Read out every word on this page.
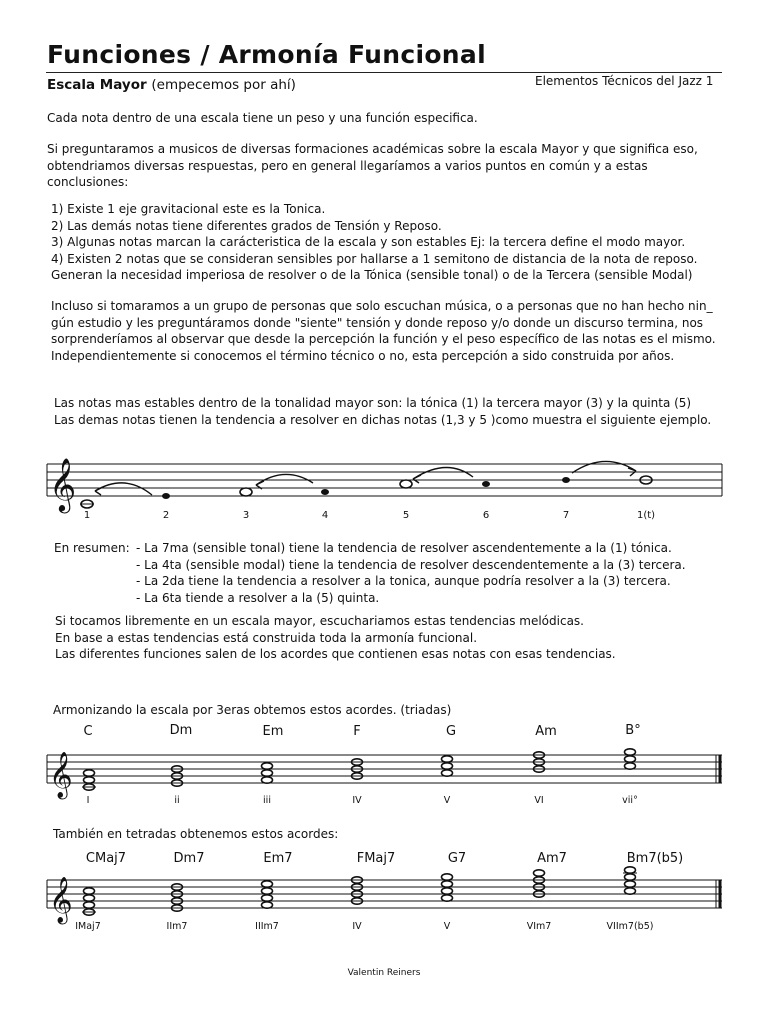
Funciones / Armonía Funcional
Escala Mayor (empecemos por ahí)	Elementos Técnicos del Jazz 1
Cada nota dentro de una escala tiene un peso y una función especifica.
Si preguntaramos a musicos de diversas formaciones académicas sobre la escala Mayor y que significa eso,
obtendriamos diversas respuestas, pero en general llegaríamos a varios puntos en común y a estas
conclusiones:
1) Existe 1 eje gravitacional este es la Tonica.
2) Las demás notas tiene diferentes grados de Tensión y Reposo.
3) Algunas notas marcan la carácteristica de la escala y son estables Ej: la tercera define el modo mayor.
4) Existen 2 notas que se consideran sensibles por hallarse a 1 semitono de distancia de la nota de reposo.
Generan la necesidad imperiosa de resolver o de la Tónica (sensible tonal) o de la Tercera (sensible Modal)
Incluso si tomaramos a un grupo de personas que solo escuchan música, o a personas que no han hecho nin_
gún estudio y les preguntáramos donde "siente" tensión y donde reposo y/o donde un discurso termina, nos
sorprenderíamos al observar que desde la percepción la función y el peso específico de las notas es el mismo.
Independientemente si conocemos el término técnico o no, esta percepción a sido construida por años.
Las notas mas estables dentro de la tonalidad mayor son: la tónica (1) la tercera mayor (3) y la quinta (5)
Las demas notas tienen la tendencia a resolver en dichas notas (1,3 y 5 )como muestra el siguiente ejemplo.
𝄞
1	2	3	4	5	6	7	1(t)
En resumen: - La 7ma (sensible tonal) tiene la tendencia de resolver ascendentemente a la (1) tónica.
- La 4ta (sensible modal) tiene la tendencia de resolver descendentemente a la (3) tercera.
- La 2da tiene la tendencia a resolver a la tonica, aunque podría resolver a la (3) tercera.
- La 6ta tiende a resolver a la (5) quinta.
Si tocamos libremente en un escala mayor, escuchariamos estas tendencias melódicas.
En base a estas tendencias está construida toda la armonía funcional.
Las diferentes funciones salen de los acordes que contienen esas notas con esas tendencias.
Armonizando la escala por 3eras obtemos estos acordes. (triadas)
C	Dm	Em	F	G	Am	B°
𝄞
I	ii	iii	IV	V	VI	vii°
También en tetradas obtenemos estos acordes:
CMaj7	Dm7	Em7	FMaj7	G7	Am7	Bm7(b5)
𝄞
IMaj7	IIm7	IIIm7	IV	V	VIm7	VIIm7(b5)
Valentin Reiners
